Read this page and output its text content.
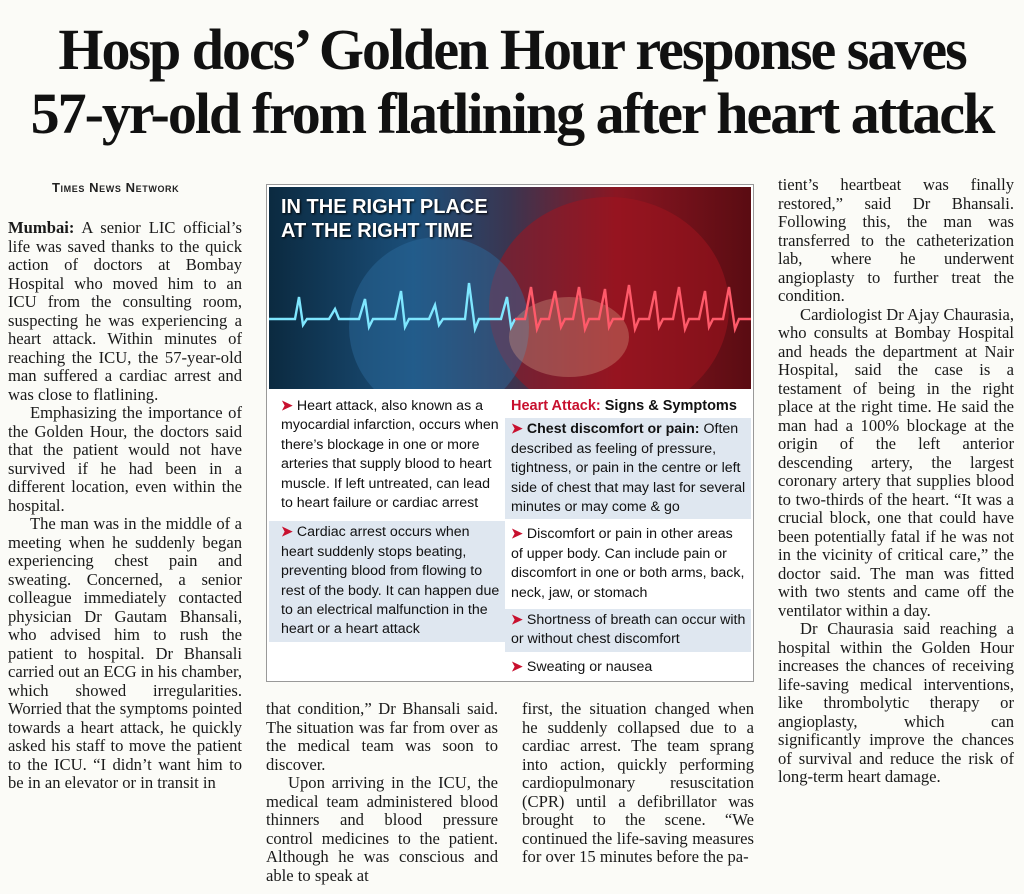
Hosp docs’ Golden Hour response saves
57-yr-old from flatlining after heart attack
Times News Network

Mumbai: A senior LIC official’s life was saved thanks to the quick action of doctors at Bombay Hospital who moved him to an ICU from the consulting room, suspecting he was experiencing a heart attack. Within minutes of reaching the ICU, the 57-year-old man suffered a cardiac arrest and was close to flatlining.

Emphasizing the importance of the Golden Hour, the doctors said that the patient would not have survived if he had been in a different location, even within the hospital.

The man was in the middle of a meeting when he suddenly began experiencing chest pain and sweating. Concerned, a senior colleague immediately contacted physician Dr Gautam Bhansali, who advised him to rush the patient to hospital. Dr Bhansali carried out an ECG in his chamber, which showed irregularities. Worried that the symptoms pointed towards a heart attack, he quickly asked his staff to move the patient to the ICU. “I didn’t want him to be in an elevator or in transit in

IN THE RIGHT PLACE
AT THE RIGHT TIME
➤ Heart attack, also known as a myocardial infarction, occurs when there’s blockage in one or more arteries that supply blood to heart muscle. If left untreated, can lead to heart failure or cardiac arrest
➤ Cardiac arrest occurs when heart suddenly stops beating, preventing blood from flowing to rest of the body. It can happen due to an electrical malfunction in the heart or a heart attack
Heart Attack: Signs & Symptoms
➤ Chest discomfort or pain: Often described as feeling of pressure, tightness, or pain in the centre or left side of chest that may last for several minutes or may come & go
➤ Discomfort or pain in other areas of upper body. Can include pain or discomfort in one or both arms, back, neck, jaw, or stomach
➤ Shortness of breath can occur with or without chest discomfort
➤ Sweating or nausea

that condition,” Dr Bhansali said. The situation was far from over as the medical team was soon to discover.

Upon arriving in the ICU, the medical team administered blood thinners and blood pressure control medicines to the patient. Although he was conscious and able to speak at

first, the situation changed when he suddenly collapsed due to a cardiac arrest. The team sprang into action, quickly performing cardiopulmonary resuscitation (CPR) until a defibrillator was brought to the scene. “We continued the life-saving measures for over 15 minutes before the pa-

tient’s heartbeat was finally restored,” said Dr Bhansali. Following this, the man was transferred to the catheterization lab, where he underwent angioplasty to further treat the condition.

Cardiologist Dr Ajay Chaurasia, who consults at Bombay Hospital and heads the department at Nair Hospital, said the case is a testament of being in the right place at the right time. He said the man had a 100% blockage at the origin of the left anterior descending artery, the largest coronary artery that supplies blood to two-thirds of the heart. “It was a crucial block, one that could have been potentially fatal if he was not in the vicinity of critical care,” the doctor said. The man was fitted with two stents and came off the ventilator within a day.

Dr Chaurasia said reaching a hospital within the Golden Hour increases the chances of receiving life-saving medical interventions, like thrombolytic therapy or angioplasty, which can significantly improve the chances of survival and reduce the risk of long-term heart damage.
